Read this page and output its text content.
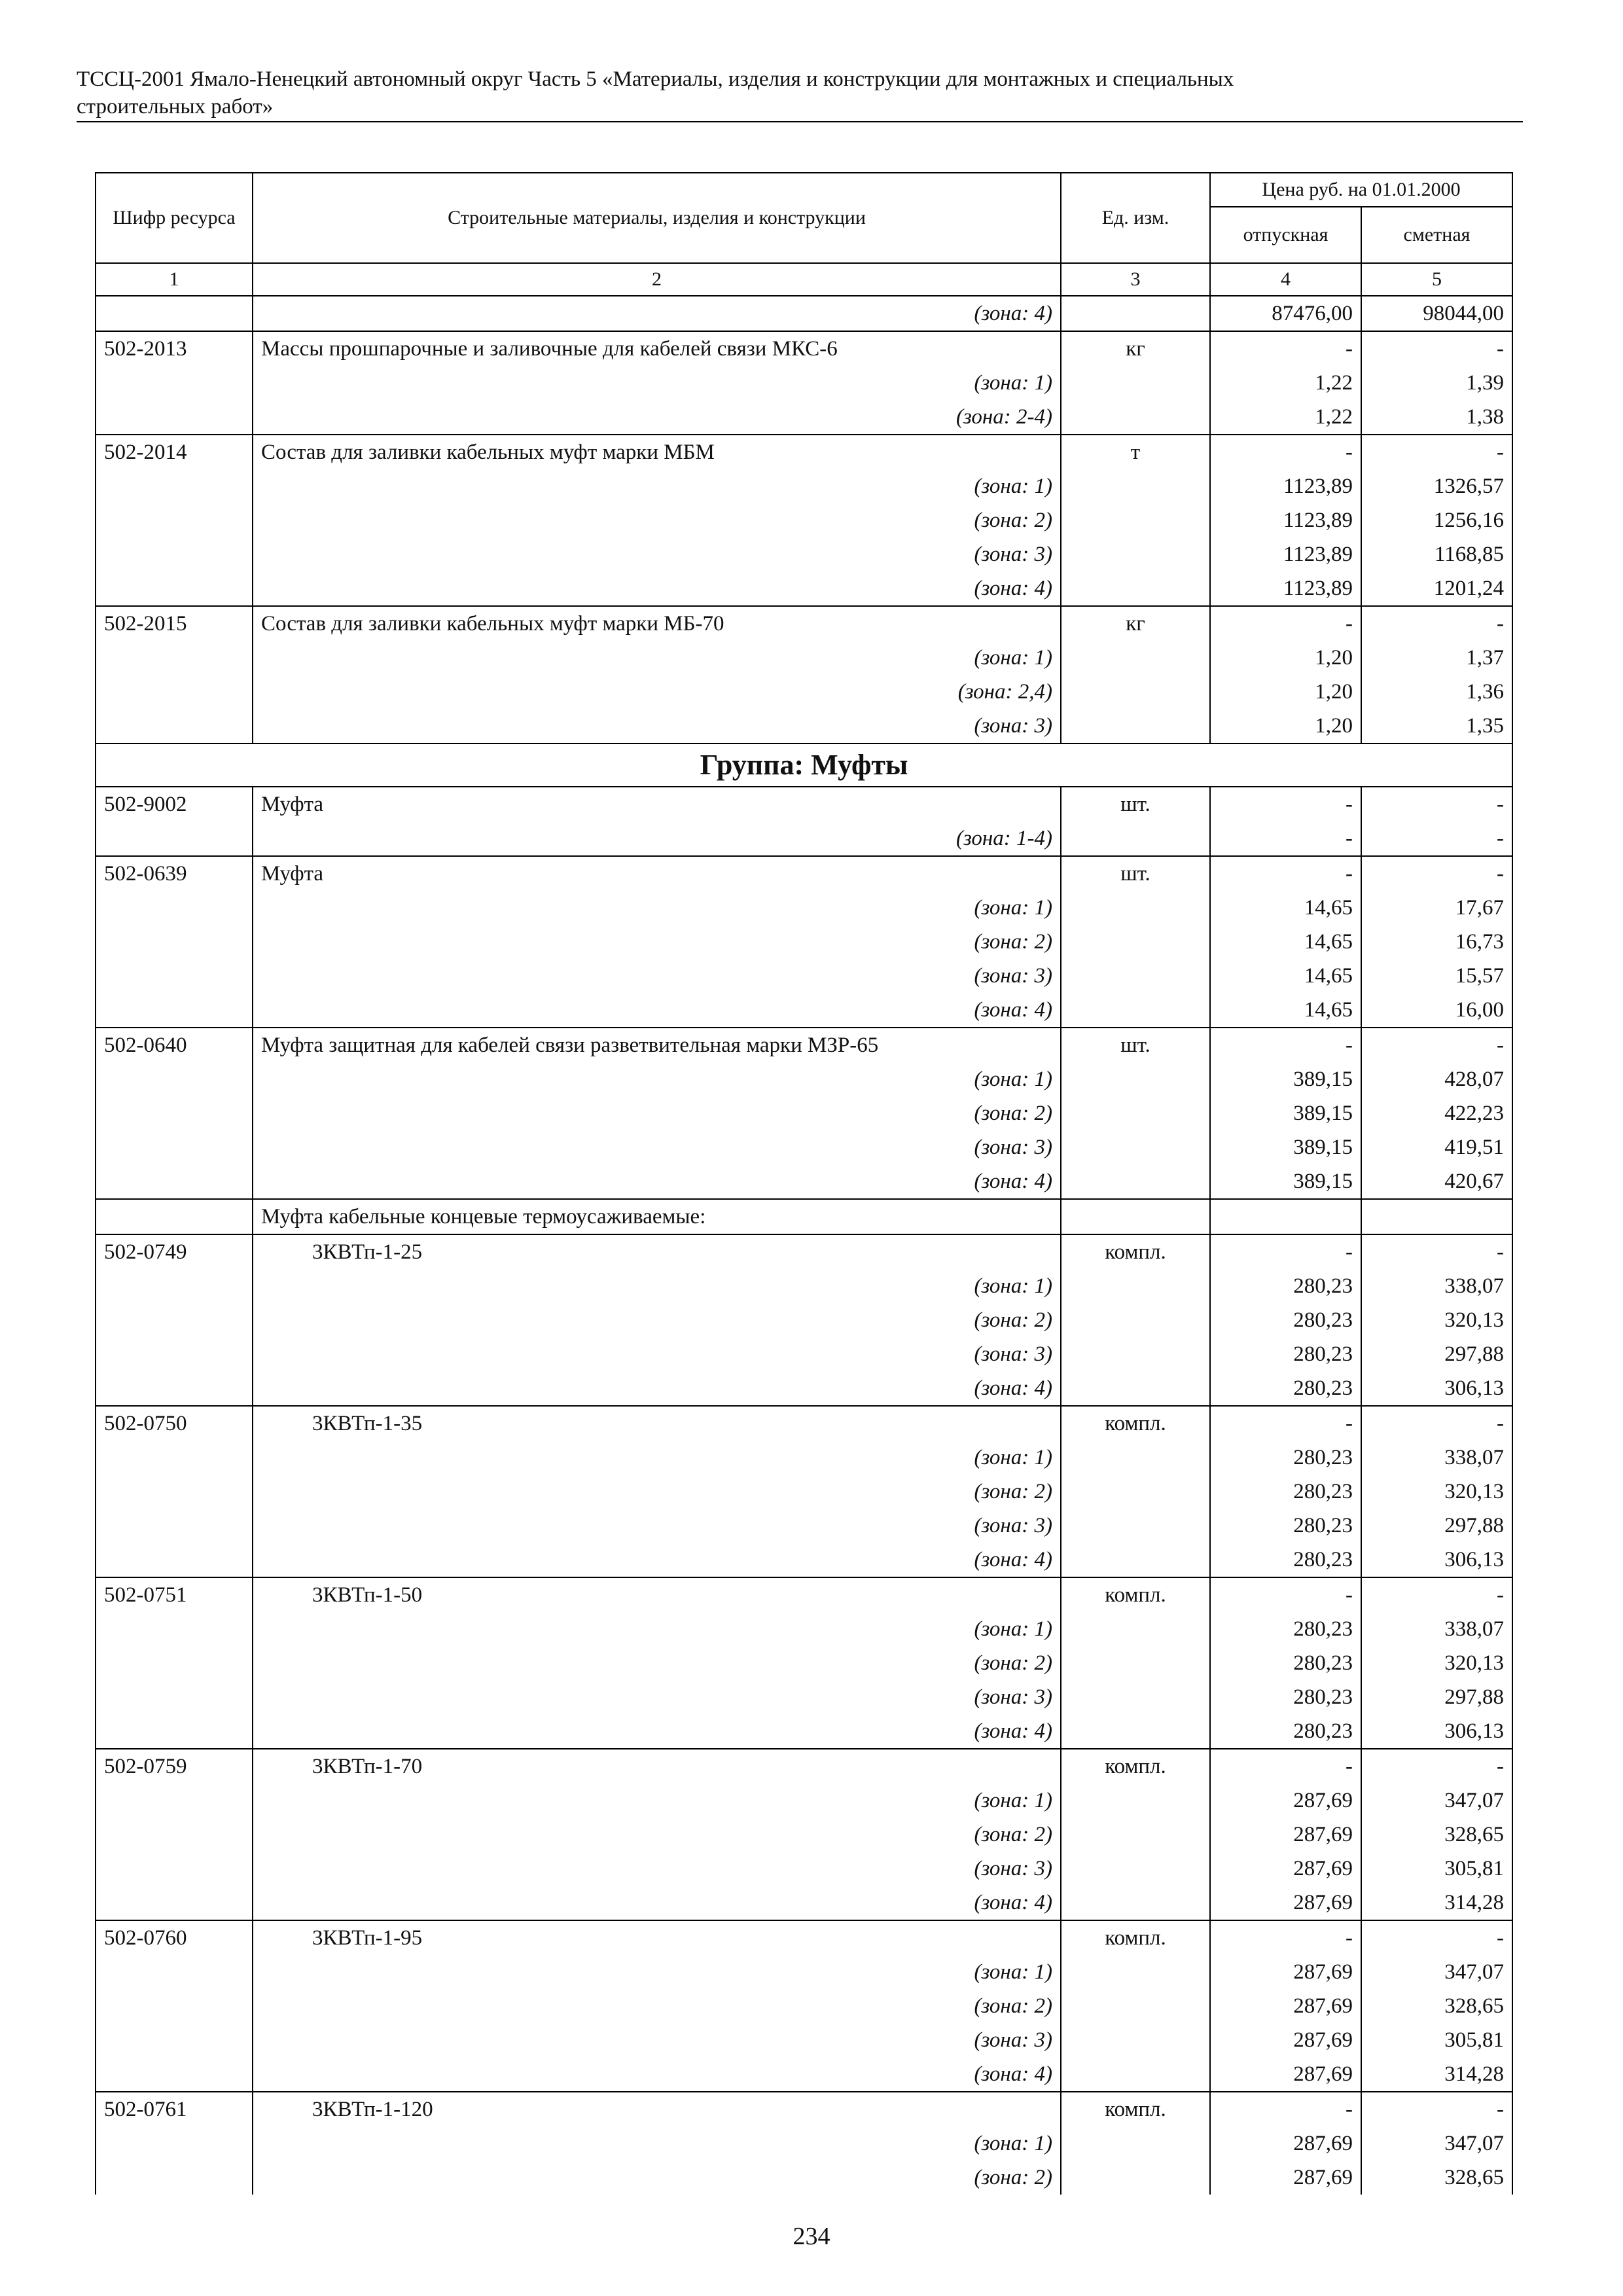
ТССЦ-2001 Ямало-Ненецкий автономный округ Часть 5 «Материалы, изделия и конструкции для монтажных и специальных
строительных работ»
Шифр ресурса	Строительные материалы, изделия и конструкции	Ед. изм.	Цена руб. на 01.01.2000	
			отпускная	сметная
1	2	3	4	5
	(зона: 4)		87476,00	98044,00
502-2013	Массы прошпарочные и заливочные для кабелей связи МКС-6	кг	-	-
	(зона: 1)		1,22	1,39
	(зона: 2-4)		1,22	1,38
502-2014	Состав для заливки кабельных муфт марки МБМ	т	-	-
	(зона: 1)		1123,89	1326,57
	(зона: 2)		1123,89	1256,16
	(зона: 3)		1123,89	1168,85
	(зона: 4)		1123,89	1201,24
502-2015	Состав для заливки кабельных муфт марки МБ-70	кг	-	-
	(зона: 1)		1,20	1,37
	(зона: 2,4)		1,20	1,36
	(зона: 3)		1,20	1,35
Группа: Муфты				
502-9002	Муфта	шт.	-	-
	(зона: 1-4)		-	-
502-0639	Муфта	шт.	-	-
	(зона: 1)		14,65	17,67
	(зона: 2)		14,65	16,73
	(зона: 3)		14,65	15,57
	(зона: 4)		14,65	16,00
502-0640	Муфта защитная для кабелей связи разветвительная марки МЗР-65	шт.	-	-
	(зона: 1)		389,15	428,07
	(зона: 2)		389,15	422,23
	(зона: 3)		389,15	419,51
	(зона: 4)		389,15	420,67
	Муфта кабельные концевые термоусаживаемые:			
502-0749	3КВТп-1-25	компл.	-	-
	(зона: 1)		280,23	338,07
	(зона: 2)		280,23	320,13
	(зона: 3)		280,23	297,88
	(зона: 4)		280,23	306,13
502-0750	3КВТп-1-35	компл.	-	-
	(зона: 1)		280,23	338,07
	(зона: 2)		280,23	320,13
	(зона: 3)		280,23	297,88
	(зона: 4)		280,23	306,13
502-0751	3КВТп-1-50	компл.	-	-
	(зона: 1)		280,23	338,07
	(зона: 2)		280,23	320,13
	(зона: 3)		280,23	297,88
	(зона: 4)		280,23	306,13
502-0759	3КВТп-1-70	компл.	-	-
	(зона: 1)		287,69	347,07
	(зона: 2)		287,69	328,65
	(зона: 3)		287,69	305,81
	(зона: 4)		287,69	314,28
502-0760	3КВТп-1-95	компл.	-	-
	(зона: 1)		287,69	347,07
	(зона: 2)		287,69	328,65
	(зона: 3)		287,69	305,81
	(зона: 4)		287,69	314,28
502-0761	3КВТп-1-120	компл.	-	-
	(зона: 1)		287,69	347,07
	(зона: 2)		287,69	328,65
234
